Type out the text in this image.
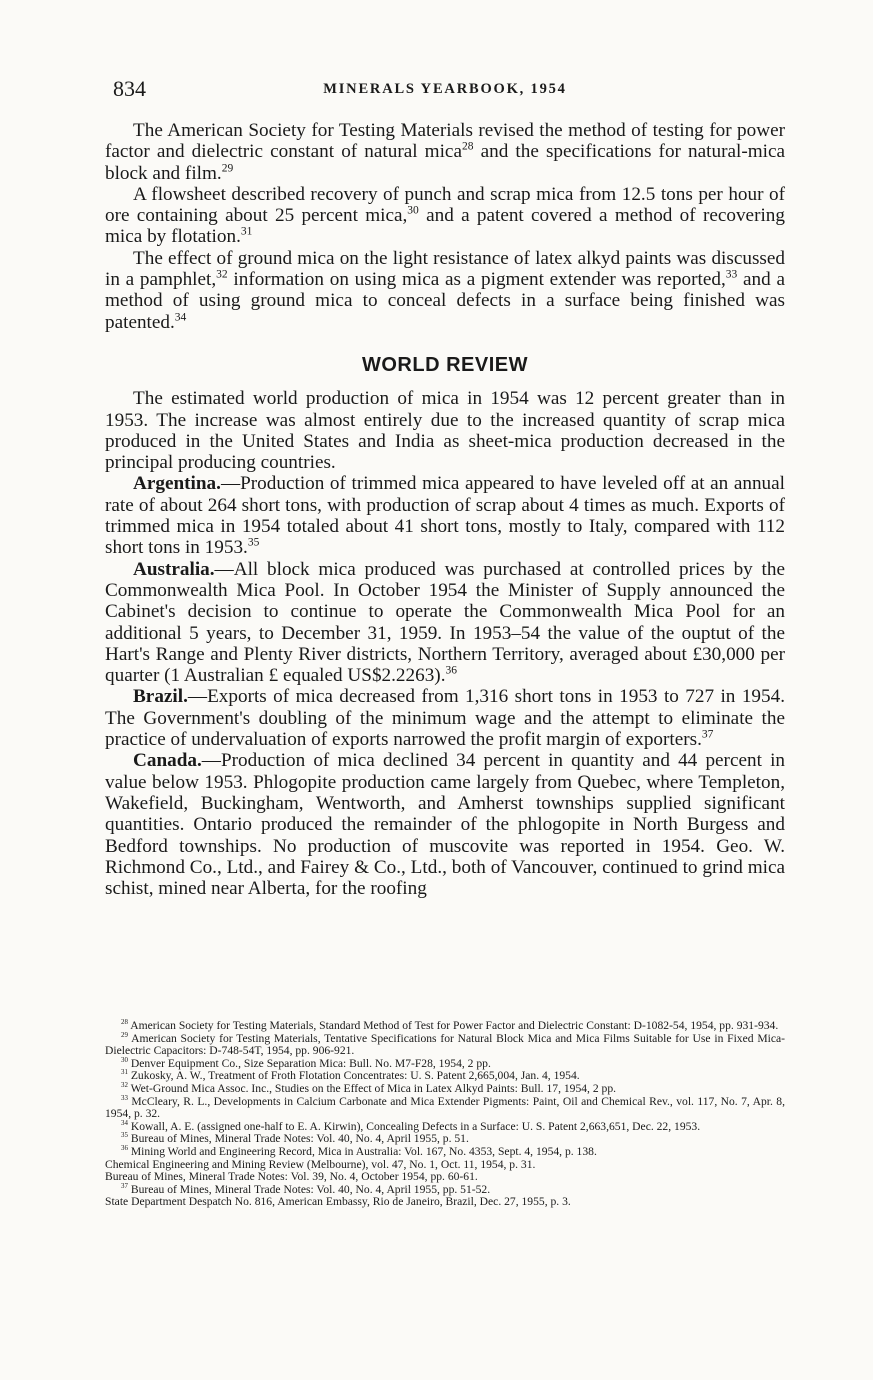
834	MINERALS YEARBOOK, 1954

The American Society for Testing Materials revised the method of testing for power factor and dielectric constant of natural mica$^{28}$ and the specifications for natural-mica block and film.$^{29}$

A flowsheet described recovery of punch and scrap mica from 12.5 tons per hour of ore containing about 25 percent mica,$^{30}$ and a patent covered a method of recovering mica by flotation.$^{31}$

The effect of ground mica on the light resistance of latex alkyd paints was discussed in a pamphlet,$^{32}$ information on using mica as a pigment extender was reported,$^{33}$ and a method of using ground mica to conceal defects in a surface being finished was patented.$^{34}$

WORLD REVIEW

The estimated world production of mica in 1954 was 12 percent greater than in 1953. The increase was almost entirely due to the increased quantity of scrap mica produced in the United States and India as sheet-mica production decreased in the principal producing countries.

Argentina.—Production of trimmed mica appeared to have leveled off at an annual rate of about 264 short tons, with production of scrap about 4 times as much. Exports of trimmed mica in 1954 totaled about 41 short tons, mostly to Italy, compared with 112 short tons in 1953.35

Australia.—All block mica produced was purchased at controlled prices by the Commonwealth Mica Pool. In October 1954 the Minister of Supply announced the Cabinet's decision to continue to operate the Commonwealth Mica Pool for an additional 5 years, to December 31, 1959. In 1953–54 the value of the ouptut of the Hart's Range and Plenty River districts, Northern Territory, averaged about £30,000 per quarter (1 Australian £ equaled US$2.2263).$^{36}$

Brazil.—Exports of mica decreased from 1,316 short tons in 1953 to 727 in 1954. The Government's doubling of the minimum wage and the attempt to eliminate the practice of undervaluation of exports narrowed the profit margin of exporters.$^{37}$

Canada.—Production of mica declined 34 percent in quantity and 44 percent in value below 1953. Phlogopite production came largely from Quebec, where Templeton, Wakefield, Buckingham, Wentworth, and Amherst townships supplied significant quantities. Ontario produced the remainder of the phlogopite in North Burgess and Bedford townships. No production of muscovite was reported in 1954. Geo. W. Richmond Co., Ltd., and Fairey & Co., Ltd., both of Vancouver, continued to grind mica schist, mined near Alberta, for the roofing

$^{28}$ American Society for Testing Materials, Standard Method of Test for Power Factor and Dielectric Constant: D-1082-54, 1954, pp. 931-934.

$^{29}$ American Society for Testing Materials, Tentative Specifications for Natural Block Mica and Mica Films Suitable for Use in Fixed Mica-Dielectric Capacitors: D-748-54T, 1954, pp. 906-921.

$^{30}$ Denver Equipment Co., Size Separation Mica: Bull. No. M7-F28, 1954, 2 pp.

$^{31}$ Zukosky, A. W., Treatment of Froth Flotation Concentrates: U. S. Patent 2,665,004, Jan. 4, 1954.

$^{32}$ Wet-Ground Mica Assoc. Inc., Studies on the Effect of Mica in Latex Alkyd Paints: Bull. 17, 1954, 2 pp.

$^{33}$ McCleary, R. L., Developments in Calcium Carbonate and Mica Extender Pigments: Paint, Oil and Chemical Rev., vol. 117, No. 7, Apr. 8, 1954, p. 32.

$^{34}$ Kowall, A. E. (assigned one-half to E. A. Kirwin), Concealing Defects in a Surface: U. S. Patent 2,663,651, Dec. 22, 1953.

$^{35}$ Bureau of Mines, Mineral Trade Notes: Vol. 40, No. 4, April 1955, p. 51.

$^{36}$ Mining World and Engineering Record, Mica in Australia: Vol. 167, No. 4353, Sept. 4, 1954, p. 138.

Chemical Engineering and Mining Review (Melbourne), vol. 47, No. 1, Oct. 11, 1954, p. 31.

Bureau of Mines, Mineral Trade Notes: Vol. 39, No. 4, October 1954, pp. 60-61.

$^{37}$ Bureau of Mines, Mineral Trade Notes: Vol. 40, No. 4, April 1955, pp. 51-52.

State Department Despatch No. 816, American Embassy, Rio de Janeiro, Brazil, Dec. 27, 1955, p. 3.
